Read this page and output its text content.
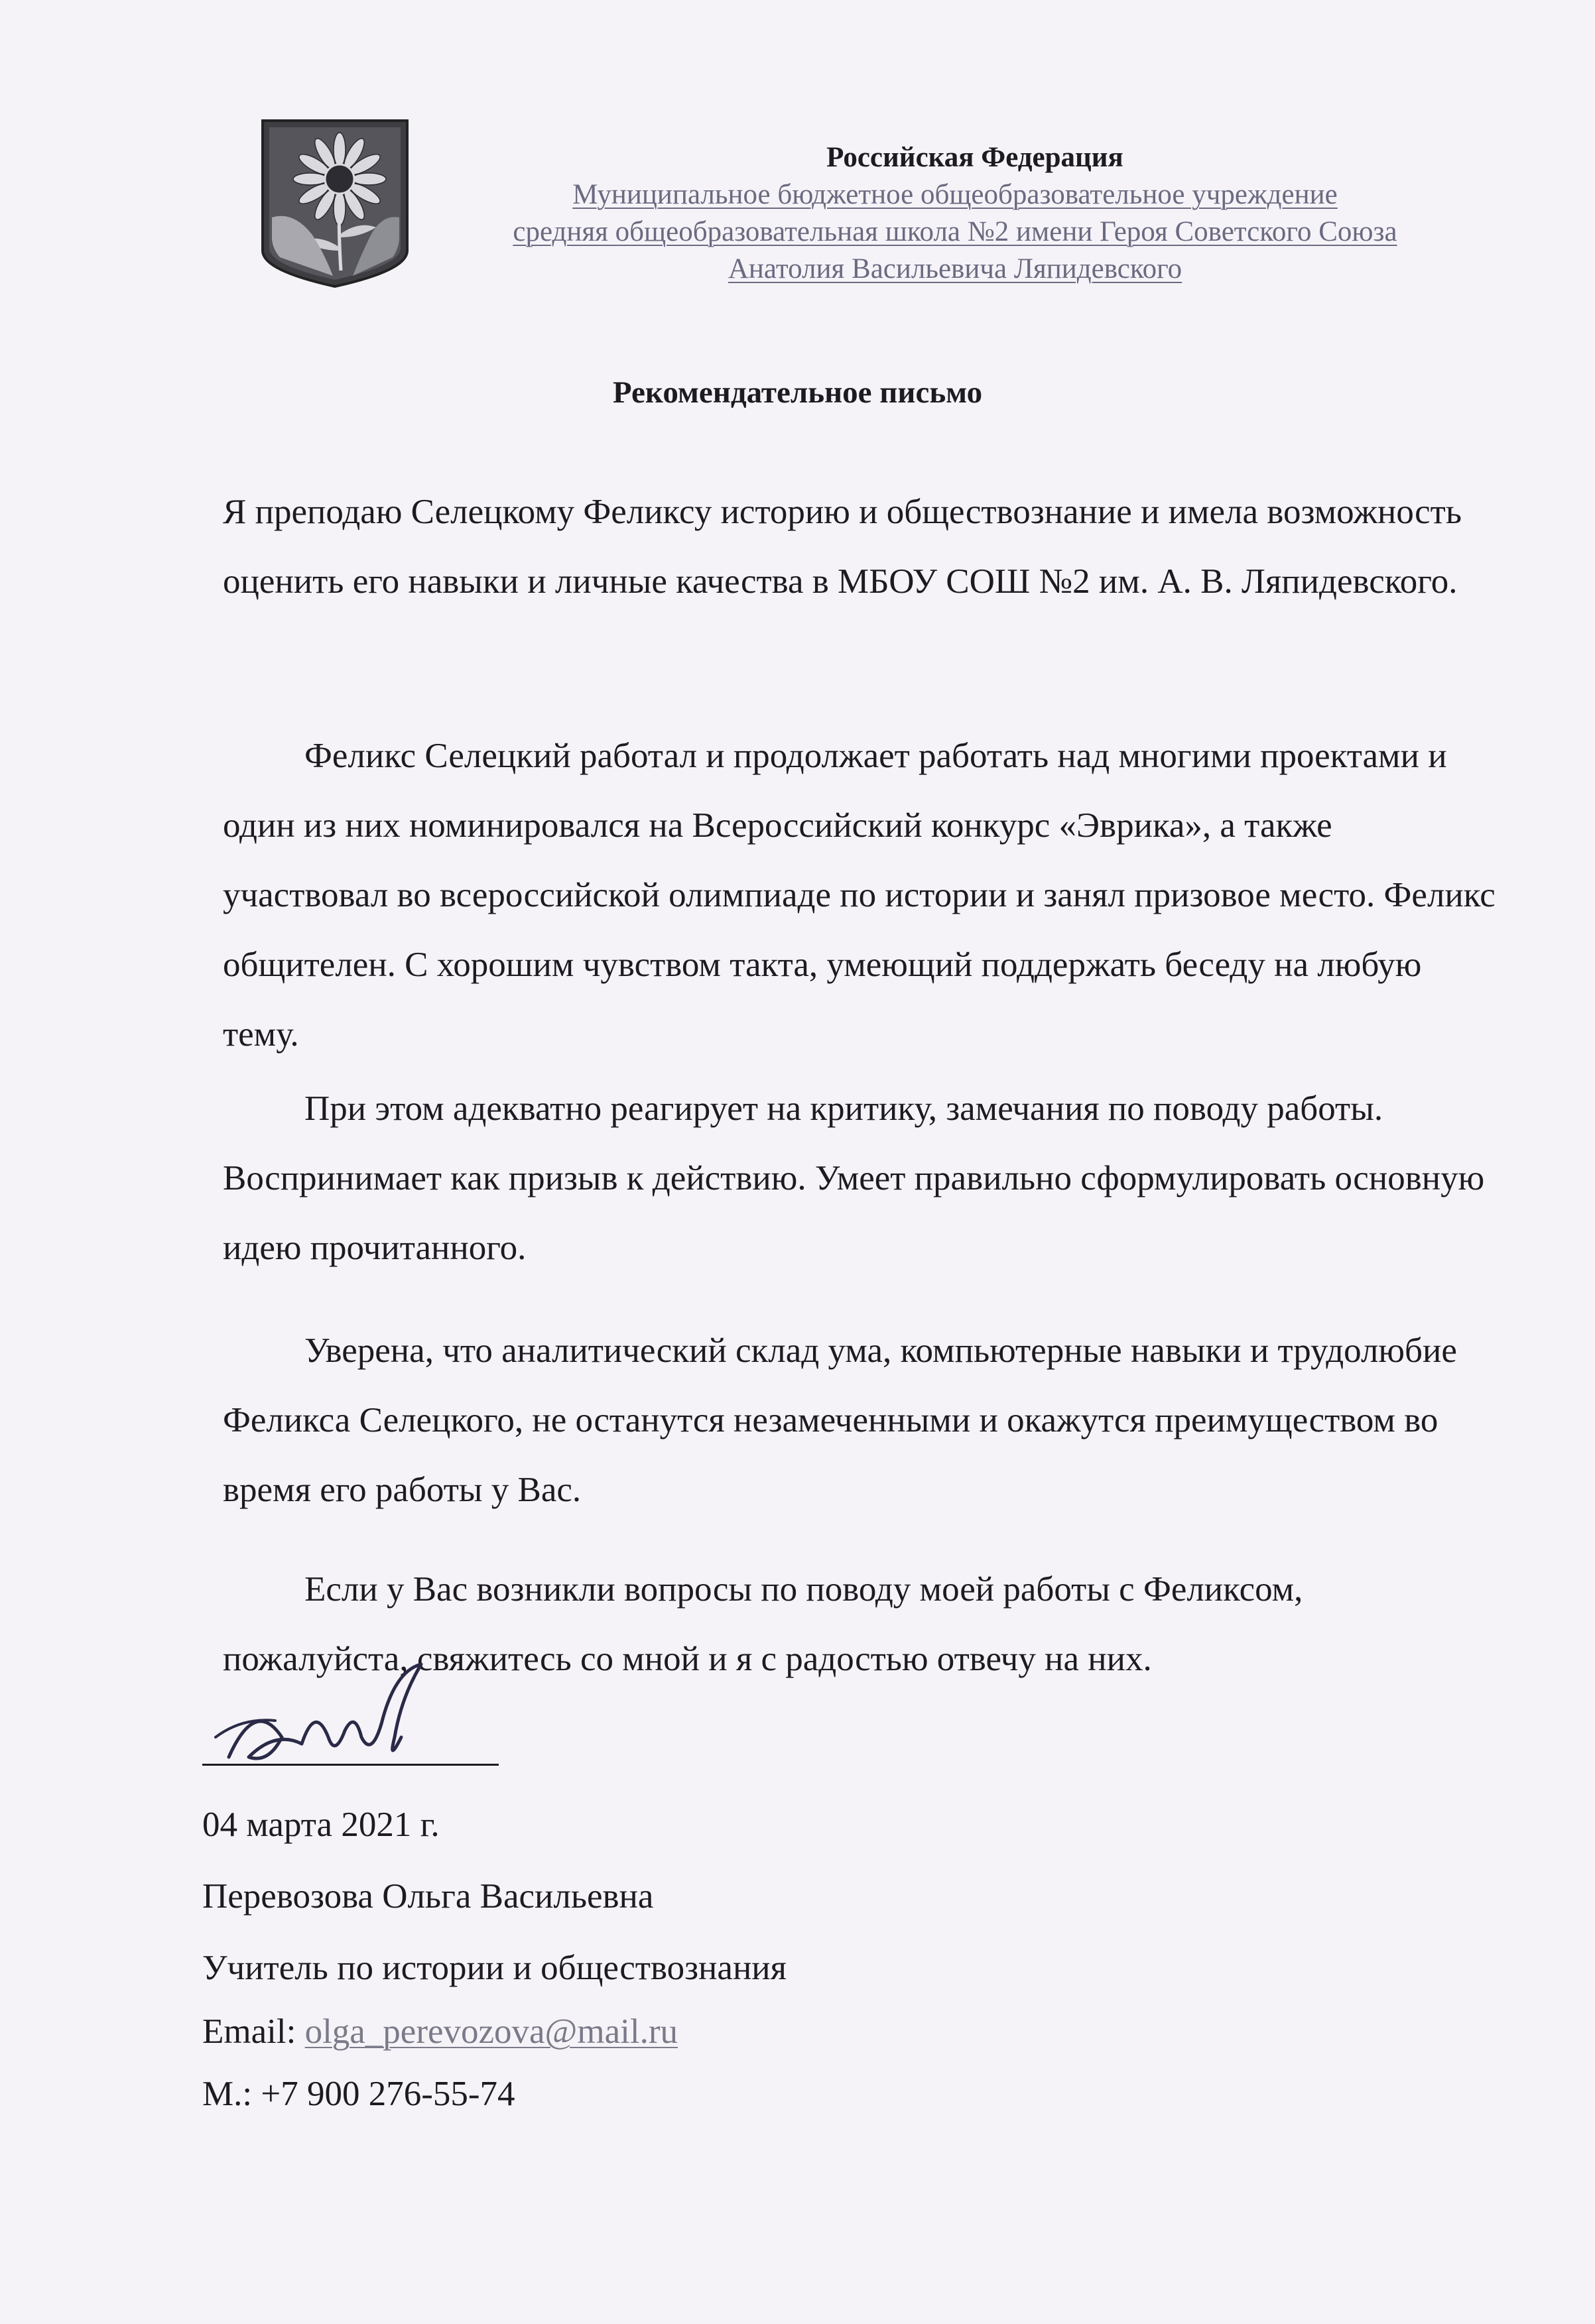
Российская Федерация
Муниципальное бюджетное общеобразовательное учреждение
средняя общеобразовательная школа №2 имени Героя Советского Союза
Анатолия Васильевича Ляпидевского
Рекомендательное письмо

Я преподаю Селецкому Феликсу историю и обществознание и имела возможность оценить его навыки и личные качества в МБОУ СОШ №2 им. А. В. Ляпидевского.

Феликс Селецкий работал и продолжает работать над многими проектами и один из них номинировался на Всероссийский конкурс «Эврика», а также участвовал во всероссийской олимпиаде по истории и занял призовое место. Феликс общителен. С хорошим чувством такта, умеющий поддержать беседу на любую тему.

При этом адекватно реагирует на критику, замечания по поводу работы. Воспринимает как призыв к действию. Умеет правильно сформулировать основную идею прочитанного.

Уверена, что аналитический склад ума, компьютерные навыки и трудолюбие Феликса Селецкого, не останутся незамеченными и окажутся преимуществом во время его работы у Вас.

Если у Вас возникли вопросы по поводу моей работы с Феликсом, пожалуйста, свяжитесь со мной и я с радостью отвечу на них.

04 марта 2021 г.
Перевозова Ольга Васильевна
Учитель по истории и обществознания
Email: olga_perevozova@mail.ru
М.: +7 900 276-55-74
